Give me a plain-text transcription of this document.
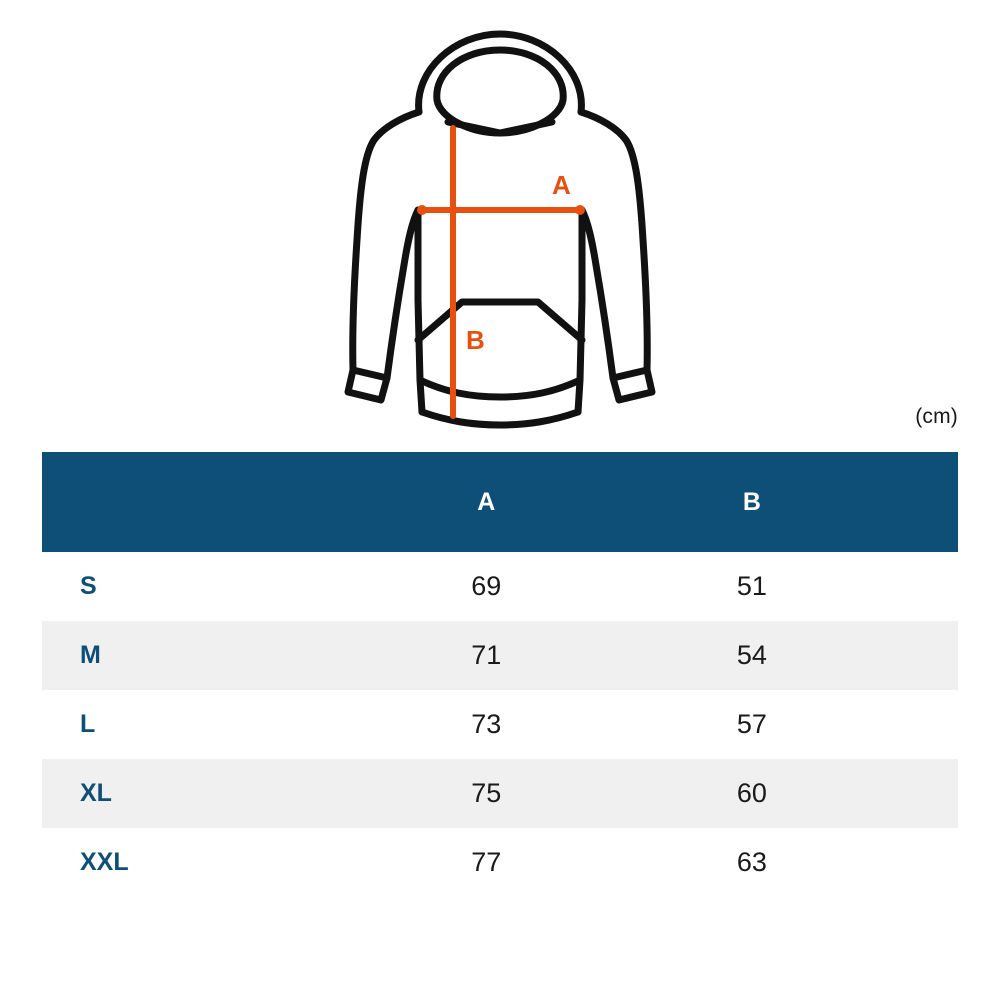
A
B
(cm)
	A	B	
S	69	51	
M	71	54	
L	73	57	
XL	75	60	
XXL	77	63	
